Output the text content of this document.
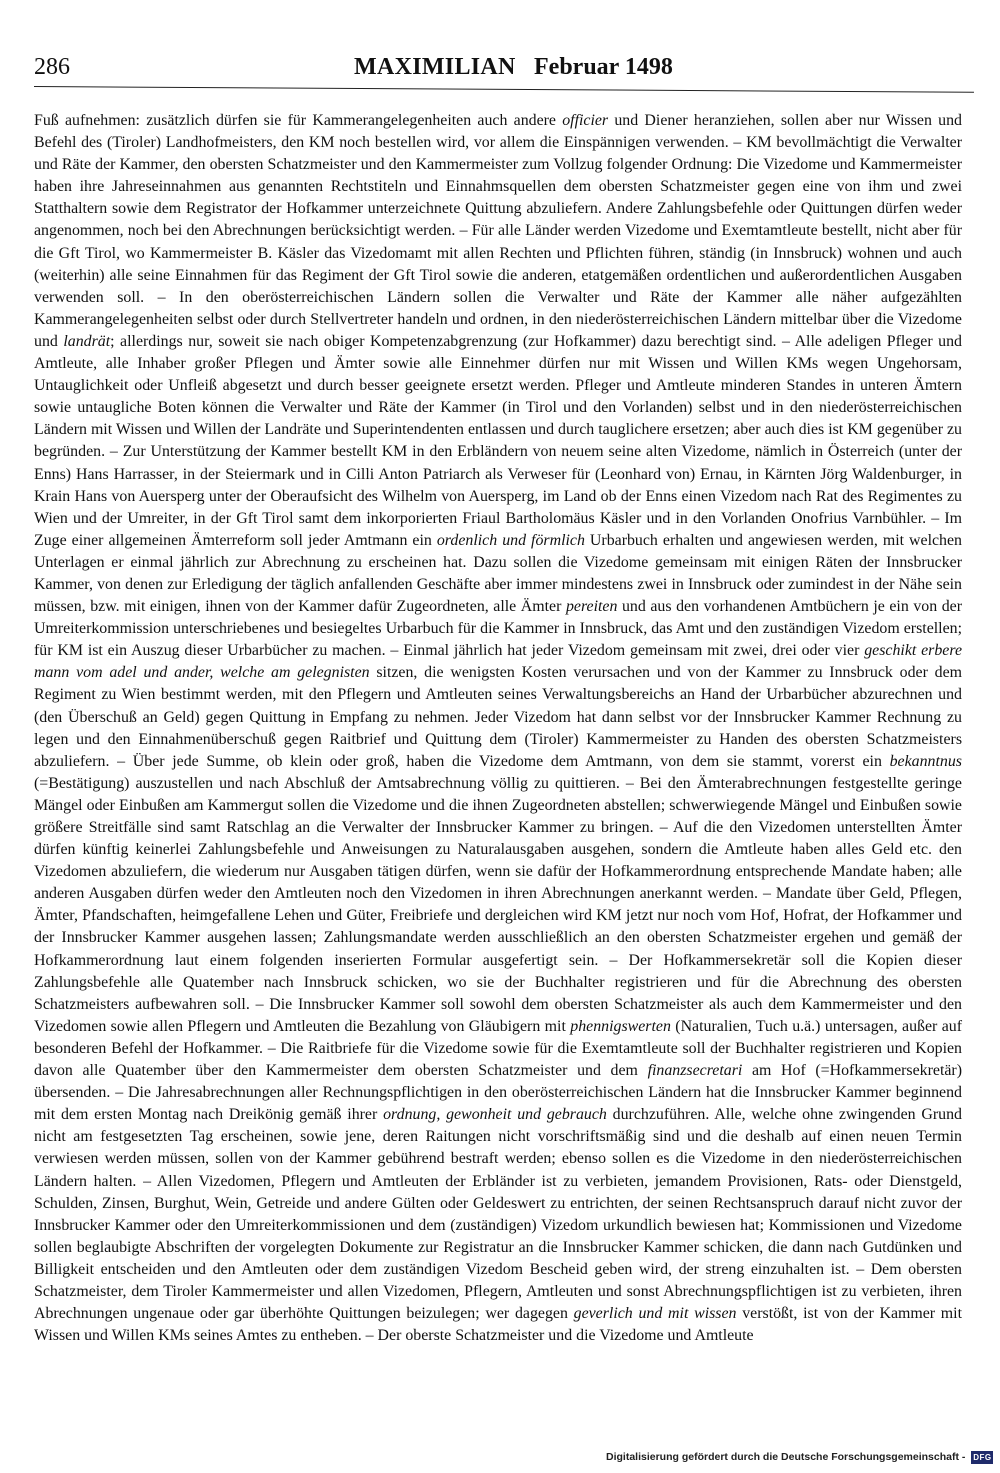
286	MAXIMILIAN Februar 1498
Fuß aufnehmen: zusätzlich dürfen sie für Kammerangelegenheiten auch andere officier und Diener heranziehen, sollen aber nur Wissen und Befehl des (Tiroler) Landhofmeisters, den KM noch bestellen wird, vor allem die Einspännigen verwenden. – KM bevollmächtigt die Verwalter und Räte der Kammer, den obersten Schatzmeister und den Kammermeister zum Vollzug folgender Ordnung: Die Vizedome und Kammermeister haben ihre Jahreseinnahmen aus genannten Rechtstiteln und Einnahmsquellen dem obersten Schatzmeister gegen eine von ihm und zwei Statthaltern sowie dem Registrator der Hofkammer unterzeichnete Quittung abzuliefern. Andere Zahlungsbefehle oder Quittungen dürfen weder angenommen, noch bei den Abrechnungen berücksichtigt werden. – Für alle Länder werden Vizedome und Exemtamtleute bestellt, nicht aber für die Gft Tirol, wo Kammermeister B. Käsler das Vizedomamt mit allen Rechten und Pflichten führen, ständig (in Innsbruck) wohnen und auch (weiterhin) alle seine Einnahmen für das Regiment der Gft Tirol sowie die anderen, etatgemäßen ordentlichen und außerordentlichen Ausgaben verwenden soll. – In den oberösterreichischen Ländern sollen die Verwalter und Räte der Kammer alle näher aufgezählten Kammerangelegenheiten selbst oder durch Stellvertreter handeln und ordnen, in den niederösterreichischen Ländern mittelbar über die Vizedome und landrät; allerdings nur, soweit sie nach obiger Kompetenzabgrenzung (zur Hofkammer) dazu berechtigt sind. – Alle adeligen Pfleger und Amtleute, alle Inhaber großer Pflegen und Ämter sowie alle Einnehmer dürfen nur mit Wissen und Willen KMs wegen Ungehorsam, Untauglichkeit oder Unfleiß abgesetzt und durch besser geeignete ersetzt werden. Pfleger und Amtleute minderen Standes in unteren Ämtern sowie untaugliche Boten können die Verwalter und Räte der Kammer (in Tirol und den Vorlanden) selbst und in den niederösterreichischen Ländern mit Wissen und Willen der Landräte und Superintendenten entlassen und durch tauglichere ersetzen; aber auch dies ist KM gegenüber zu begründen. – Zur Unterstützung der Kammer bestellt KM in den Erbländern von neuem seine alten Vizedome, nämlich in Österreich (unter der Enns) Hans Harrasser, in der Steiermark und in Cilli Anton Patriarch als Verweser für (Leonhard von) Ernau, in Kärnten Jörg Waldenburger, in Krain Hans von Auersperg unter der Oberaufsicht des Wilhelm von Auersperg, im Land ob der Enns einen Vizedom nach Rat des Regimentes zu Wien und der Umreiter, in der Gft Tirol samt dem inkorporierten Friaul Bartholomäus Käsler und in den Vorlanden Onofrius Varnbühler. – Im Zuge einer allgemeinen Ämterreform soll jeder Amtmann ein ordenlich und förmlich Urbarbuch erhalten und angewiesen werden, mit welchen Unterlagen er einmal jährlich zur Abrechnung zu erscheinen hat. Dazu sollen die Vizedome gemeinsam mit einigen Räten der Innsbrucker Kammer, von denen zur Erledigung der täglich anfallenden Geschäfte aber immer mindestens zwei in Innsbruck oder zumindest in der Nähe sein müssen, bzw. mit einigen, ihnen von der Kammer dafür Zugeordneten, alle Ämter pereiten und aus den vorhandenen Amtbüchern je ein von der Umreiterkommission unterschriebenes und besiegeltes Urbarbuch für die Kammer in Innsbruck, das Amt und den zuständigen Vizedom erstellen; für KM ist ein Auszug dieser Urbarbücher zu machen. – Einmal jährlich hat jeder Vizedom gemeinsam mit zwei, drei oder vier geschikt erbere mann vom adel und ander, welche am gelegnisten sitzen, die wenigsten Kosten verursachen und von der Kammer zu Innsbruck oder dem Regiment zu Wien bestimmt werden, mit den Pflegern und Amtleuten seines Verwaltungsbereichs an Hand der Urbarbücher abzurechnen und (den Überschuß an Geld) gegen Quittung in Empfang zu nehmen. Jeder Vizedom hat dann selbst vor der Innsbrucker Kammer Rechnung zu legen und den Einnahmenüberschuß gegen Raitbrief und Quittung dem (Tiroler) Kammermeister zu Handen des obersten Schatzmeisters abzuliefern. – Über jede Summe, ob klein oder groß, haben die Vizedome dem Amtmann, von dem sie stammt, vorerst ein bekanntnus (=Bestätigung) auszustellen und nach Abschluß der Amtsabrechnung völlig zu quittieren. – Bei den Ämterabrechnungen festgestellte geringe Mängel oder Einbußen am Kammergut sollen die Vizedome und die ihnen Zugeordneten abstellen; schwerwiegende Mängel und Einbußen sowie größere Streitfälle sind samt Ratschlag an die Verwalter der Innsbrucker Kammer zu bringen. – Auf die den Vizedomen unterstellten Ämter dürfen künftig keinerlei Zahlungsbefehle und Anweisungen zu Naturalausgaben ausgehen, sondern die Amtleute haben alles Geld etc. den Vizedomen abzuliefern, die wiederum nur Ausgaben tätigen dürfen, wenn sie dafür der Hofkammerordnung entsprechende Mandate haben; alle anderen Ausgaben dürfen weder den Amtleuten noch den Vizedomen in ihren Abrechnungen anerkannt werden. – Mandate über Geld, Pflegen, Ämter, Pfandschaften, heimgefallene Lehen und Güter, Freibriefe und dergleichen wird KM jetzt nur noch vom Hof, Hofrat, der Hofkammer und der Innsbrucker Kammer ausgehen lassen; Zahlungsmandate werden ausschließlich an den obersten Schatzmeister ergehen und gemäß der Hofkammerordnung laut einem folgenden inserierten Formular ausgefertigt sein. – Der Hofkammersekretär soll die Kopien dieser Zahlungsbefehle alle Quatember nach Innsbruck schicken, wo sie der Buchhalter registrieren und für die Abrechnung des obersten Schatzmeisters aufbewahren soll. – Die Innsbrucker Kammer soll sowohl dem obersten Schatzmeister als auch dem Kammermeister und den Vizedomen sowie allen Pflegern und Amtleuten die Bezahlung von Gläubigern mit phennigswerten (Naturalien, Tuch u.ä.) untersagen, außer auf besonderen Befehl der Hofkammer. – Die Raitbriefe für die Vizedome sowie für die Exemtamtleute soll der Buchhalter registrieren und Kopien davon alle Quatember über den Kammermeister dem obersten Schatzmeister und dem finanzsecretari am Hof (=Hofkammersekretär) übersenden. – Die Jahresabrechnungen aller Rechnungspflichtigen in den oberösterreichischen Ländern hat die Innsbrucker Kammer beginnend mit dem ersten Montag nach Dreikönig gemäß ihrer ordnung, gewonheit und gebrauch durchzuführen. Alle, welche ohne zwingenden Grund nicht am festgesetzten Tag erscheinen, sowie jene, deren Raitungen nicht vorschriftsmäßig sind und die deshalb auf einen neuen Termin verwiesen werden müssen, sollen von der Kammer gebührend bestraft werden; ebenso sollen es die Vizedome in den niederösterreichischen Ländern halten. – Allen Vizedomen, Pflegern und Amtleuten der Erbländer ist zu verbieten, jemandem Provisionen, Rats- oder Dienstgeld, Schulden, Zinsen, Burghut, Wein, Getreide und andere Gülten oder Geldeswert zu entrichten, der seinen Rechtsanspruch darauf nicht zuvor der Innsbrucker Kammer oder den Umreiterkommissionen und dem (zuständigen) Vizedom urkundlich bewiesen hat; Kommissionen und Vizedome sollen beglaubigte Abschriften der vorgelegten Dokumente zur Registratur an die Innsbrucker Kammer schicken, die dann nach Gutdünken und Billigkeit entscheiden und den Amtleuten oder dem zuständigen Vizedom Bescheid geben wird, der streng einzuhalten ist. – Dem obersten Schatzmeister, dem Tiroler Kammermeister und allen Vizedomen, Pflegern, Amtleuten und sonst Abrechnungspflichtigen ist zu verbieten, ihren Abrechnungen ungenaue oder gar überhöhte Quittungen beizulegen; wer dagegen geverlich und mit wissen verstößt, ist von der Kammer mit Wissen und Willen KMs seines Amtes zu entheben. – Der oberste Schatzmeister und die Vizedome und Amtleute
Digitalisierung gefördert durch die Deutsche Forschungsgemeinschaft - DFG
